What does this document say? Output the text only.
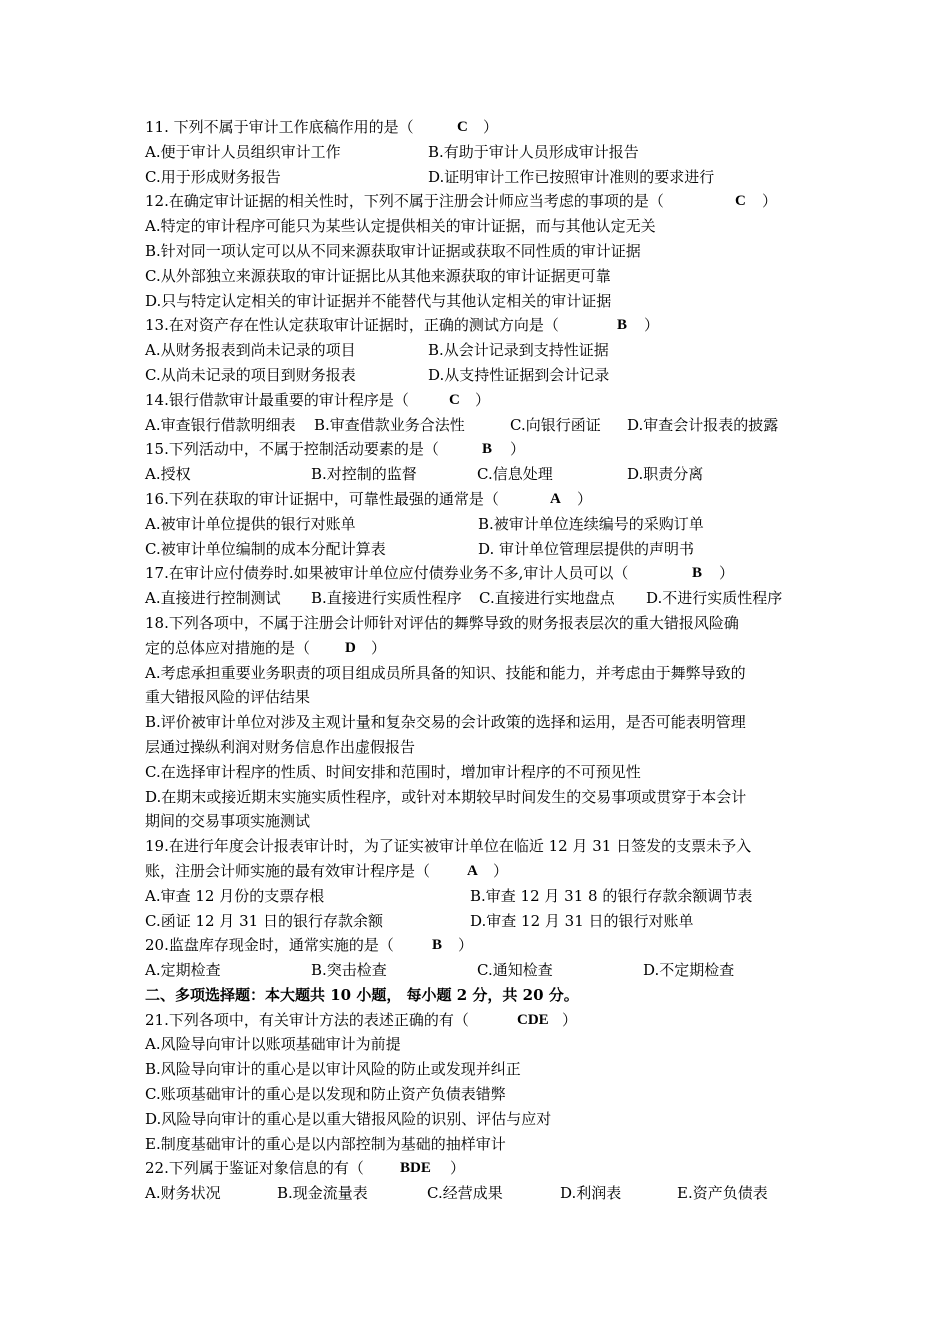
11. 下列不属于审计工作底稿作用的是（	C ）
A.便于审计人员组织审计工作	B.有助于审计人员形成审计报告
C.用于形成财务报告	D.证明审计工作已按照审计准则的要求进行
12.在确定审计证据的相关性时，下列不属于注册会计师应当考虑的事项的是（	C ）
A.特定的审计程序可能只为某些认定提供相关的审计证据，而与其他认定无关
B.针对同一项认定可以从不同来源获取审计证据或获取不同性质的审计证据
C.从外部独立来源获取的审计证据比从其他来源获取的审计证据更可靠
D.只与特定认定相关的审计证据并不能替代与其他认定相关的审计证据
13.在对资产存在性认定获取审计证据时，正确的测试方向是（	B ）
A.从财务报表到尚未记录的项目	B.从会计记录到支持性证据
C.从尚未记录的项目到财务报表	D.从支持性证据到会计记录
14.银行借款审计最重要的审计程序是（	C ）
A.审查银行借款明细表 B.审查借款业务合法性	C.向银行函证 D.审查会计报表的披露
15.下列活动中，不属于控制活动要素的是（	B ）
A.授权	B.对控制的监督	C.信息处理	D.职责分离
16.下列在获取的审计证据中，可靠性最强的通常是（	A ）
A.被审计单位提供的银行对账单	B.被审计单位连续编号的采购订单
C.被审计单位编制的成本分配计算表	D. 审计单位管理层提供的声明书
17.在审计应付债券时.如果被审计单位应付债券业务不多,审计人员可以（	B ）
A.直接进行控制测试 B.直接进行实质性程序 C.直接进行实地盘点 D.不进行实质性程序
18.下列各项中，不属于注册会计师针对评估的舞弊导致的财务报表层次的重大错报风险确
定的总体应对措施的是（ D ）
A.考虑承担重要业务职责的项目组成员所具备的知识、技能和能力，并考虑由于舞弊导致的
重大错报风险的评估结果
B.评价被审计单位对涉及主观计量和复杂交易的会计政策的选择和运用，是否可能表明管理
层通过操纵利润对财务信息作出虚假报告
C.在选择审计程序的性质、时间安排和范围时，增加审计程序的不可预见性
D.在期末或接近期末实施实质性程序，或针对本期较早时间发生的交易事项或贯穿于本会计
期间的交易事项实施测试
19.在进行年度会计报表审计时，为了证实被审计单位在临近 12 月 31 日签发的支票未予入
账，注册会计师实施的最有效审计程序是（ A ）
A.审查 12 月份的支票存根	B.审查 12 月 31 8 的银行存款余额调节表
C.函证 12 月 31 日的银行存款余额	D.审查 12 月 31 日的银行对账单
20.监盘库存现金时，通常实施的是（	B ）
A.定期检查	B.突击检查	C.通知检查	D.不定期检查
二、多项选择题：本大题共 10 小题， 每小题 2 分，共 20 分。
21.下列各项中，有关审计方法的表述正确的有（	CDE ）
A.风险导向审计以账项基础审计为前提
B.风险导向审计的重心是以审计风险的防止或发现并纠正
C.账项基础审计的重心是以发现和防止资产负债表错弊
D.风险导向审计的重心是以重大错报风险的识别、评估与应对
E.制度基础审计的重心是以内部控制为基础的抽样审计
22.下列属于鉴证对象信息的有（ BDE ）
A.财务状况	B.现金流量表	C.经营成果	D.利润表	E.资产负债表
